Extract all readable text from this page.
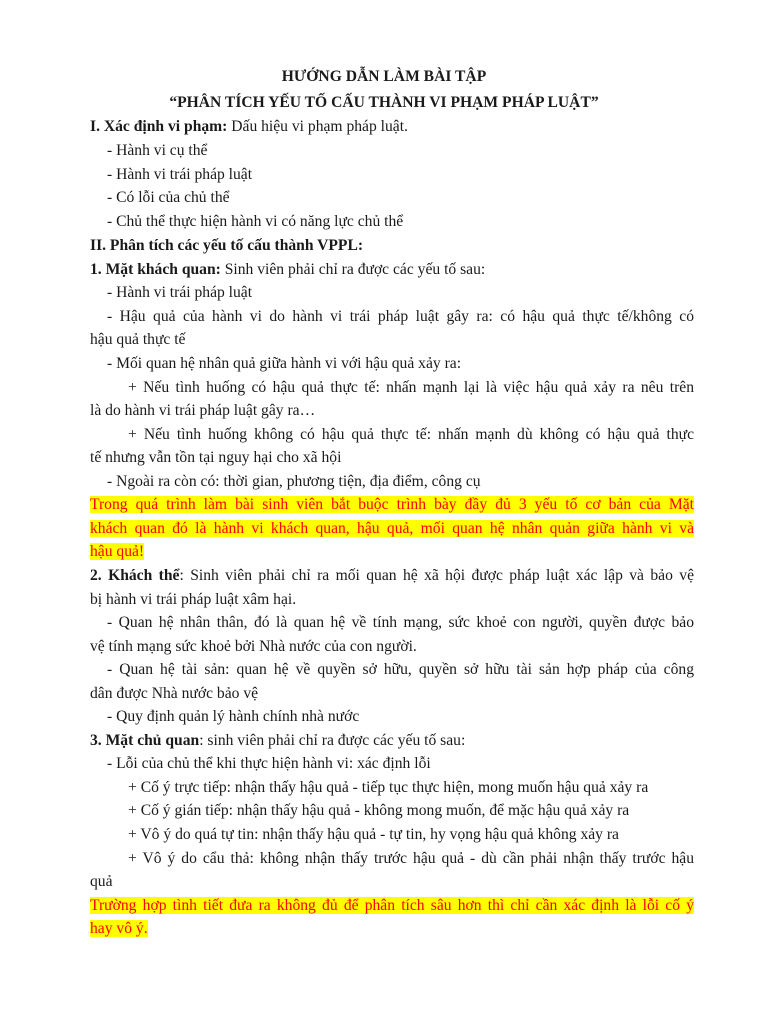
HƯỚNG DẪN LÀM BÀI TẬP
“PHÂN TÍCH YẾU TỐ CẤU THÀNH VI PHẠM PHÁP LUẬT”
I. Xác định vi phạm: Dấu hiệu vi phạm pháp luật.
- Hành vi cụ thể
- Hành vi trái pháp luật
- Có lỗi của chủ thể
- Chủ thể thực hiện hành vi có năng lực chủ thể
II. Phân tích các yếu tố cấu thành VPPL:
1. Mặt khách quan: Sinh viên phải chỉ ra được các yếu tố sau:
- Hành vi trái pháp luật
- Hậu quả của hành vi do hành vi trái pháp luật gây ra: có hậu quả thực tế/không có
hậu quả thực tế
- Mối quan hệ nhân quả giữa hành vi với hậu quả xảy ra:
+ Nếu tình huống có hậu quả thực tế: nhấn mạnh lại là việc hậu quả xảy ra nêu trên
là do hành vi trái pháp luật gây ra…
+ Nếu tình huống không có hậu quả thực tế: nhấn mạnh dù không có hậu quả thực
tế nhưng vẫn tồn tại nguy hại cho xã hội
- Ngoài ra còn có: thời gian, phương tiện, địa điểm, công cụ
Trong quá trình làm bài sinh viên bắt buộc trình bày đầy đủ 3 yếu tố cơ bản của Mặt
khách quan đó là hành vi khách quan, hậu quả, mối quan hệ nhân quản giữa hành vi và
hậu quả!
2. Khách thể: Sinh viên phải chỉ ra mối quan hệ xã hội được pháp luật xác lập và bảo vệ
bị hành vi trái pháp luật xâm hại.
- Quan hệ nhân thân, đó là quan hệ về tính mạng, sức khoẻ con người, quyền được bảo
vệ tính mạng sức khoẻ bởi Nhà nước của con người.
- Quan hệ tài sản: quan hệ về quyền sở hữu, quyền sở hữu tài sản hợp pháp của công
dân được Nhà nước bảo vệ
- Quy định quản lý hành chính nhà nước
3. Mặt chủ quan: sinh viên phải chỉ ra được các yếu tố sau:
- Lỗi của chủ thể khi thực hiện hành vi: xác định lỗi
+ Cố ý trực tiếp: nhận thấy hậu quả - tiếp tục thực hiện, mong muốn hậu quả xảy ra
+ Cố ý gián tiếp: nhận thấy hậu quả - không mong muốn, để mặc hậu quả xảy ra
+ Vô ý do quá tự tin: nhận thấy hậu quả - tự tin, hy vọng hậu quả không xảy ra
+ Vô ý do cẩu thả: không nhận thấy trước hậu quả - dù cần phải nhận thấy trước hậu
quả
Trường hợp tình tiết đưa ra không đủ để phân tích sâu hơn thì chỉ cần xác định là lỗi cố ý
hay vô ý.
